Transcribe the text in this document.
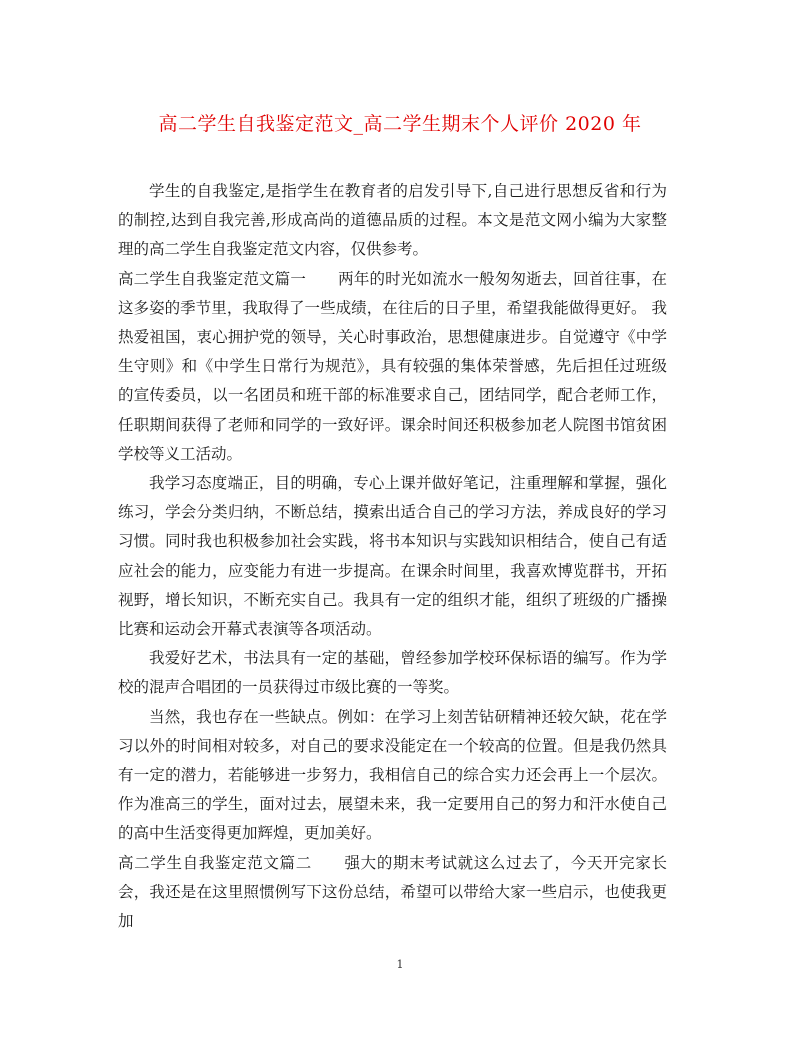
高二学生自我鉴定范文_高二学生期末个人评价 2020 年

学生的自我鉴定,是指学生在教育者的启发引导下,自己进行思想反省和行为的制控,达到自我完善,形成高尚的道德品质的过程。本文是范文网小编为大家整理的高二学生自我鉴定范文内容，仅供参考。

高二学生自我鉴定范文篇一 两年的时光如流水一般匆匆逝去，回首往事，在这多姿的季节里，我取得了一些成绩，在往后的日子里，希望我能做得更好。 我热爱祖国，衷心拥护党的领导，关心时事政治，思想健康进步。自觉遵守《中学生守则》和《中学生日常行为规范》，具有较强的集体荣誉感，先后担任过班级的宣传委员，以一名团员和班干部的标准要求自己，团结同学，配合老师工作，任职期间获得了老师和同学的一致好评。课余时间还积极参加老人院图书馆贫困学校等义工活动。

我学习态度端正，目的明确，专心上课并做好笔记，注重理解和掌握，强化练习，学会分类归纳，不断总结，摸索出适合自己的学习方法，养成良好的学习习惯。同时我也积极参加社会实践，将书本知识与实践知识相结合，使自己有适应社会的能力，应变能力有进一步提高。在课余时间里，我喜欢博览群书，开拓视野，增长知识，不断充实自己。我具有一定的组织才能，组织了班级的广播操比赛和运动会开幕式表演等各项活动。

我爱好艺术，书法具有一定的基础，曾经参加学校环保标语的编写。作为学校的混声合唱团的一员获得过市级比赛的一等奖。

当然，我也存在一些缺点。例如：在学习上刻苦钻研精神还较欠缺，花在学习以外的时间相对较多，对自己的要求没能定在一个较高的位置。但是我仍然具有一定的潜力，若能够进一步努力，我相信自己的综合实力还会再上一个层次。作为准高三的学生，面对过去，展望未来，我一定要用自己的努力和汗水使自己的高中生活变得更加辉煌，更加美好。

高二学生自我鉴定范文篇二 强大的期末考试就这么过去了，今天开完家长会，我还是在这里照惯例写下这份总结，希望可以带给大家一些启示，也使我更加

1
